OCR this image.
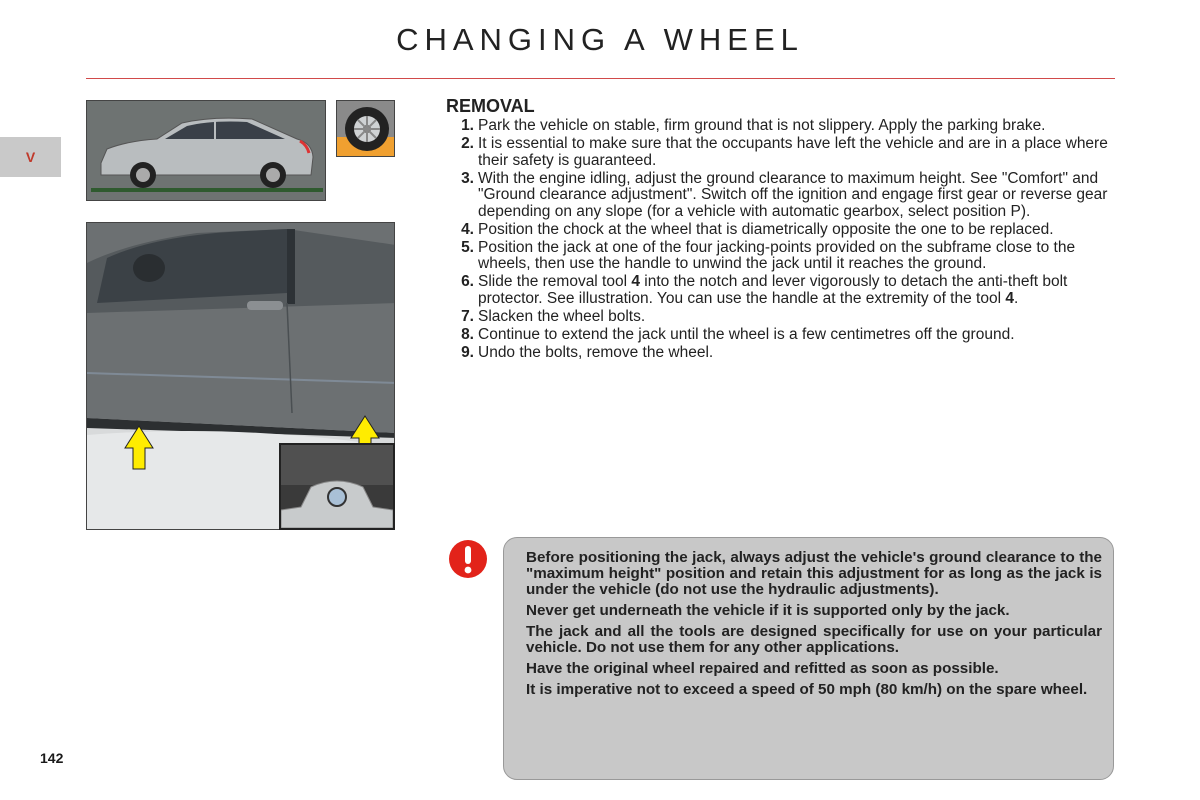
CHANGING A WHEEL
V
REMOVAL
1. Park the vehicle on stable, firm ground that is not slippery. Apply the parking brake.
2. It is essential to make sure that the occupants have left the vehicle and are in a place where their safety is guaranteed.
3. With the engine idling, adjust the ground clearance to maximum height. See "Comfort" and "Ground clearance adjustment". Switch off the ignition and engage first gear or reverse gear depending on any slope (for a vehicle with automatic gearbox, select position P).
4. Position the chock at the wheel that is diametrically opposite the one to be replaced.
5. Position the jack at one of the four jacking-points provided on the subframe close to the wheels, then use the handle to unwind the jack until it reaches the ground.
6. Slide the removal tool 4 into the notch and lever vigorously to detach the anti-theft bolt protector. See illustration. You can use the handle at the extremity of the tool 4.
7. Slacken the wheel bolts.
8. Continue to extend the jack until the wheel is a few centimetres off the ground.
9. Undo the bolts, remove the wheel.

Before positioning the jack, always adjust the vehicle's ground clearance to the "maximum height" position and retain this adjustment for as long as the jack is under the vehicle (do not use the hydraulic adjustments).

Never get underneath the vehicle if it is supported only by the jack.

The jack and all the tools are designed specifically for use on your particular vehicle. Do not use them for any other applications.

Have the original wheel repaired and refitted as soon as possible.

It is imperative not to exceed a speed of 50 mph (80 km/h) on the spare wheel.

142
